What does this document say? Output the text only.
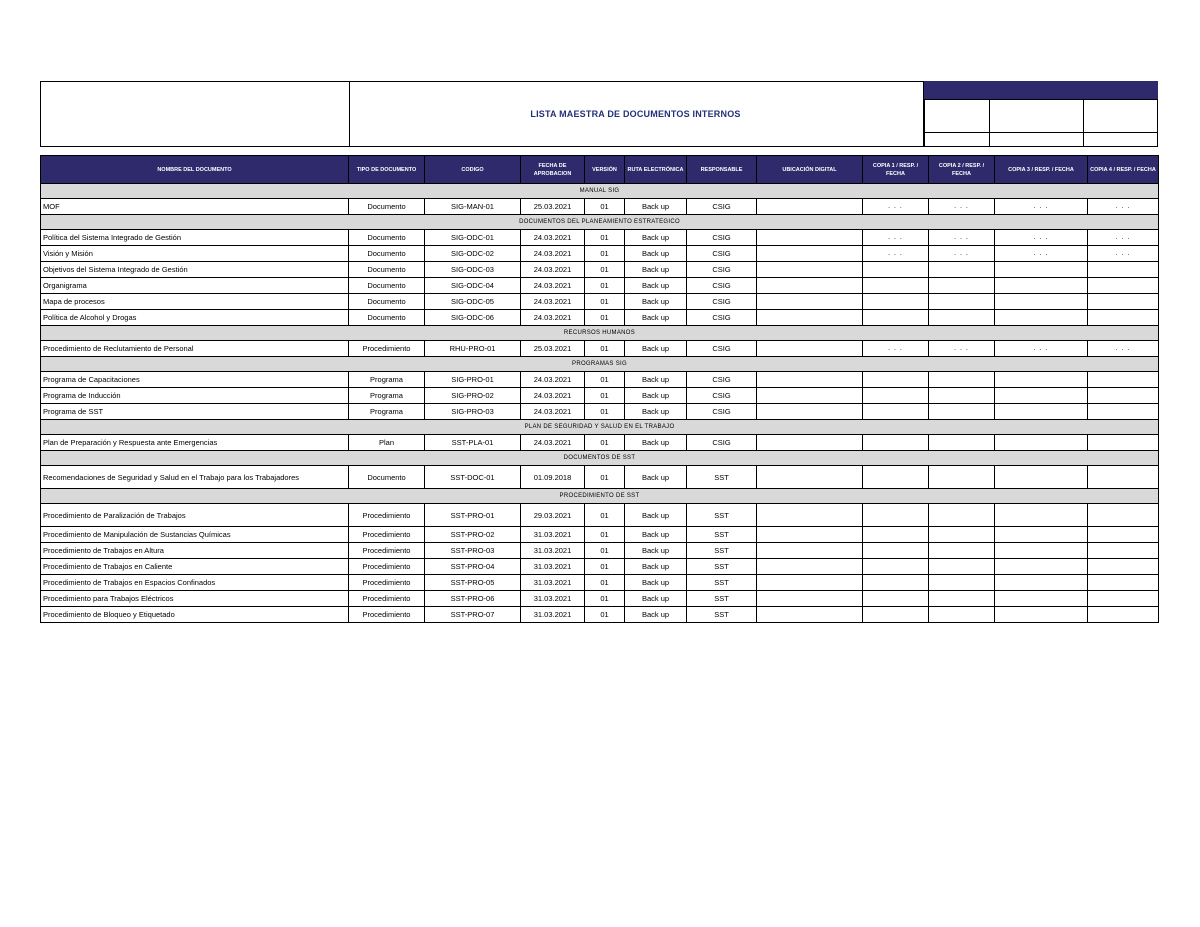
LISTA MAESTRA DE DOCUMENTOS INTERNOS
NOMBRE DEL DOCUMENTO	TIPO DE DOCUMENTO	CODIGO	FECHA DE APROBACION	VERSIÓN	RUTA ELECTRÓNICA	RESPONSABLE	UBICACIÓN DIGITAL	COPIA 1 / RESP. / FECHA	COPIA 2 / RESP. / FECHA	COPIA 3 / RESP. / FECHA	COPIA 4 / RESP. / FECHA
MANUAL SIG											
MOF	Documento	SIG-MAN-01	25.03.2021	01	Back up	CSIG		. . .	. . .	. . .	. . .
DOCUMENTOS DEL PLANEAMIENTO ESTRATEGICO											
Política del Sistema Integrado de Gestión	Documento	SIG-ODC-01	24.03.2021	01	Back up	CSIG		. . .	. . .	. . .	. . .
Visión y Misión	Documento	SIG-ODC-02	24.03.2021	01	Back up	CSIG		. . .	. . .	. . .	. . .
Objetivos del Sistema Integrado de Gestión	Documento	SIG-ODC-03	24.03.2021	01	Back up	CSIG					
Organigrama	Documento	SIG-ODC-04	24.03.2021	01	Back up	CSIG					
Mapa de procesos	Documento	SIG-ODC-05	24.03.2021	01	Back up	CSIG					
Política de Alcohol y Drogas	Documento	SIG-ODC-06	24.03.2021	01	Back up	CSIG					
RECURSOS HUMANOS											
Procedimiento de Reclutamiento de Personal	Procedimiento	RHU-PRO-01	25.03.2021	01	Back up	CSIG		. . .	. . .	. . .	. . .
PROGRAMAS SIG											
Programa de Capacitaciones	Programa	SIG-PRO-01	24.03.2021	01	Back up	CSIG					
Programa de Inducción	Programa	SIG-PRO-02	24.03.2021	01	Back up	CSIG					
Programa de SST	Programa	SIG-PRO-03	24.03.2021	01	Back up	CSIG					
PLAN DE SEGURIDAD Y SALUD EN EL TRABAJO											
Plan de Preparación y Respuesta ante Emergencias	Plan	SST-PLA-01	24.03.2021	01	Back up	CSIG					
DOCUMENTOS DE SST											
Recomendaciones de Seguridad y Salud en el Trabajo para los Trabajadores	Documento	SST-DOC-01	01.09.2018	01	Back up	SST					
PROCEDIMIENTO DE SST											
Procedimiento de Paralización de Trabajos	Procedimiento	SST-PRO-01	29.03.2021	01	Back up	SST					
Procedimiento de Manipulación de Sustancias Químicas	Procedimiento	SST-PRO-02	31.03.2021	01	Back up	SST					
Procedimiento de Trabajos en Altura	Procedimiento	SST-PRO-03	31.03.2021	01	Back up	SST					
Procedimiento de Trabajos en Caliente	Procedimiento	SST-PRO-04	31.03.2021	01	Back up	SST					
Procedimiento de Trabajos en Espacios Confinados	Procedimiento	SST-PRO-05	31.03.2021	01	Back up	SST					
Procedimiento para Trabajos Eléctricos	Procedimiento	SST-PRO-06	31.03.2021	01	Back up	SST					
Procedimiento de Bloqueo y Etiquetado	Procedimiento	SST-PRO-07	31.03.2021	01	Back up	SST					
